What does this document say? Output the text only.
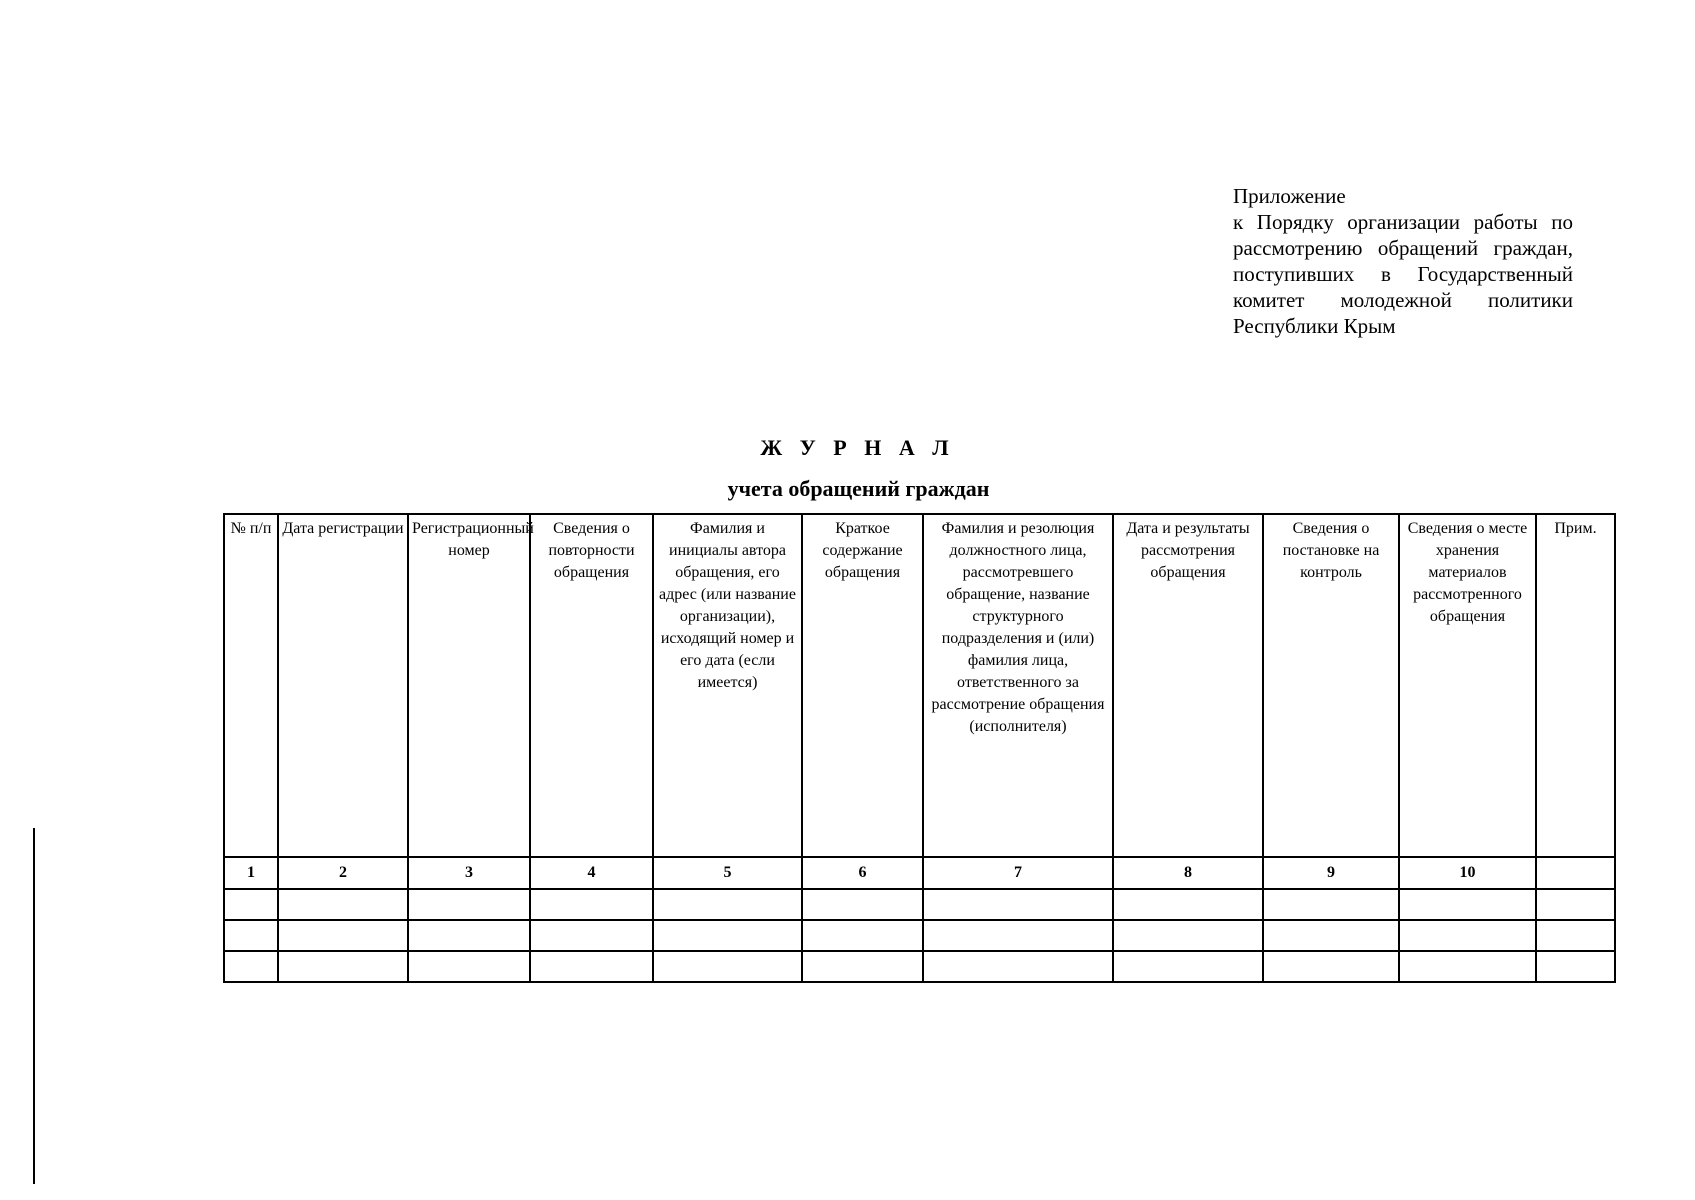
Приложение
к Порядку организации работы по рассмотрению обращений граждан, поступивших в Государственный комитет молодежной политики Республики Крым
Ж У Р Н А Л
учета обращений граждан
№ п/п	Дата регистрации	Регистрационный номер	Сведения о повторности обращения	Фамилия и инициалы автора обращения, его адрес (или название организации), исходящий номер и его дата (если имеется)	Краткое содержание обращения	Фамилия и резолюция должностного лица, рассмотревшего обращение, название структурного подразделения и (или) фамилия лица, ответственного за рассмотрение обращения (исполнителя)	Дата и результаты рассмотрения обращения	Сведения о постановке на контроль	Сведения о месте хранения материалов рассмотренного обращения	Прим.
1	2	3	4	5	6	7	8	9	10	
